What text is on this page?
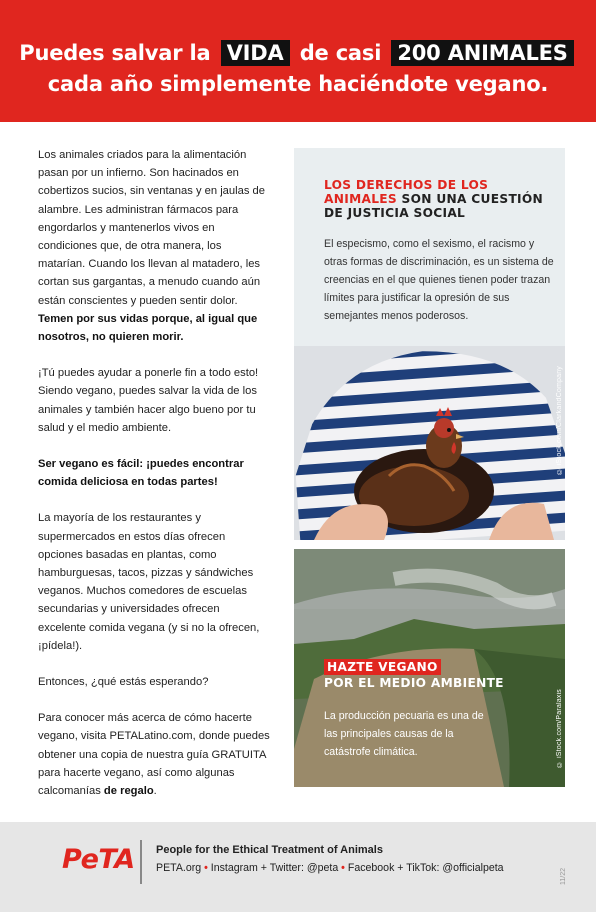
Puedes salvar la VIDA de casi 200 ANIMALES
cada año simplemente haciéndote vegano.

Los animales criados para la alimentación pasan por un infierno. Son hacinados en cobertizos sucios, sin ventanas y en jaulas de alambre. Les administran fármacos para engordarlos y mantenerlos vivos en condiciones que, de otra manera, los matarían. Cuando los llevan al matadero, les cortan sus gargantas, a menudo cuando aún están conscientes y pueden sentir dolor. Temen por sus vidas porque, al igual que nosotros, no quieren morir.

¡Tú puedes ayudar a ponerle fin a todo esto! Siendo vegano, puedes salvar la vida de los animales y también hacer algo bueno por tu salud y el medio ambiente.

Ser vegano es fácil: ¡puedes encontrar comida deliciosa en todas partes!

La mayoría de los restaurantes y supermercados en estos días ofrecen opciones basadas en plantas, como hamburguesas, tacos, pizzas y sándwiches veganos. Muchos comedores de escuelas secundarias y universidades ofrecen excelente comida vegana (y si no la ofrecen, ¡pídela!).

Entonces, ¿qué estás esperando?

Para conocer más acerca de cómo hacerte vegano, visita PETALatino.com, donde puedes obtener una copia de nuestra guía GRATUITA para hacerte vegano, así como algunas calcomanías de regalo.

LOS DERECHOS DE LOS ANIMALES SON UNA CUESTIÓN DE JUSTICIA SOCIAL
El especismo, como el sexismo, el racismo y otras formas de discriminación, es un sistema de creencias en el que quienes tienen poder trazan límites para justificar la opresión de sus semejantes menos poderosos.
© iStock.com/ClarkandCompany
HAZTE VEGANO
POR EL MEDIO AMBIENTE
La producción pecuaria es una de las principales causas de la catástrofe climática.	© iStock.com/Paralaxis
PeTA People for the Ethical Treatment of Animals
PETA.org • Instagram + Twitter: @peta • Facebook + TikTok: @officialpeta	11/22
